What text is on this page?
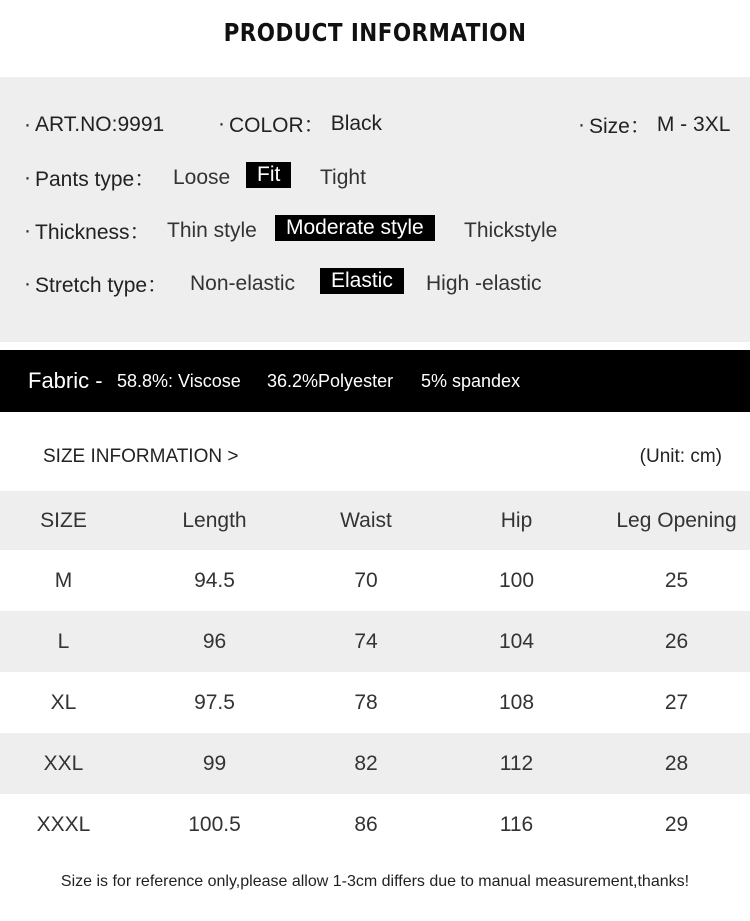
PRODUCT INFORMATION
· ART.NO:9991	· COLOR： Black	· Size： M - 3XL
· Pants type： Loose	Fit	Tight
· Thickness： Thin style	Moderate style	Thickstyle
· Stretch type： Non-elastic	Elastic	High -elastic
Fabric - 58.8%: Viscose 36.2%Polyester 5% spandex
SIZE INFORMATION >	(Unit: cm)
SIZE	Length	Waist	Hip	Leg Opening
M	94.5	70	100	25
L	96	74	104	26
XL	97.5	78	108	27
XXL	99	82	112	28
XXXL	100.5	86	116	29
Size is for reference only,please allow 1-3cm differs due to manual measurement,thanks!
